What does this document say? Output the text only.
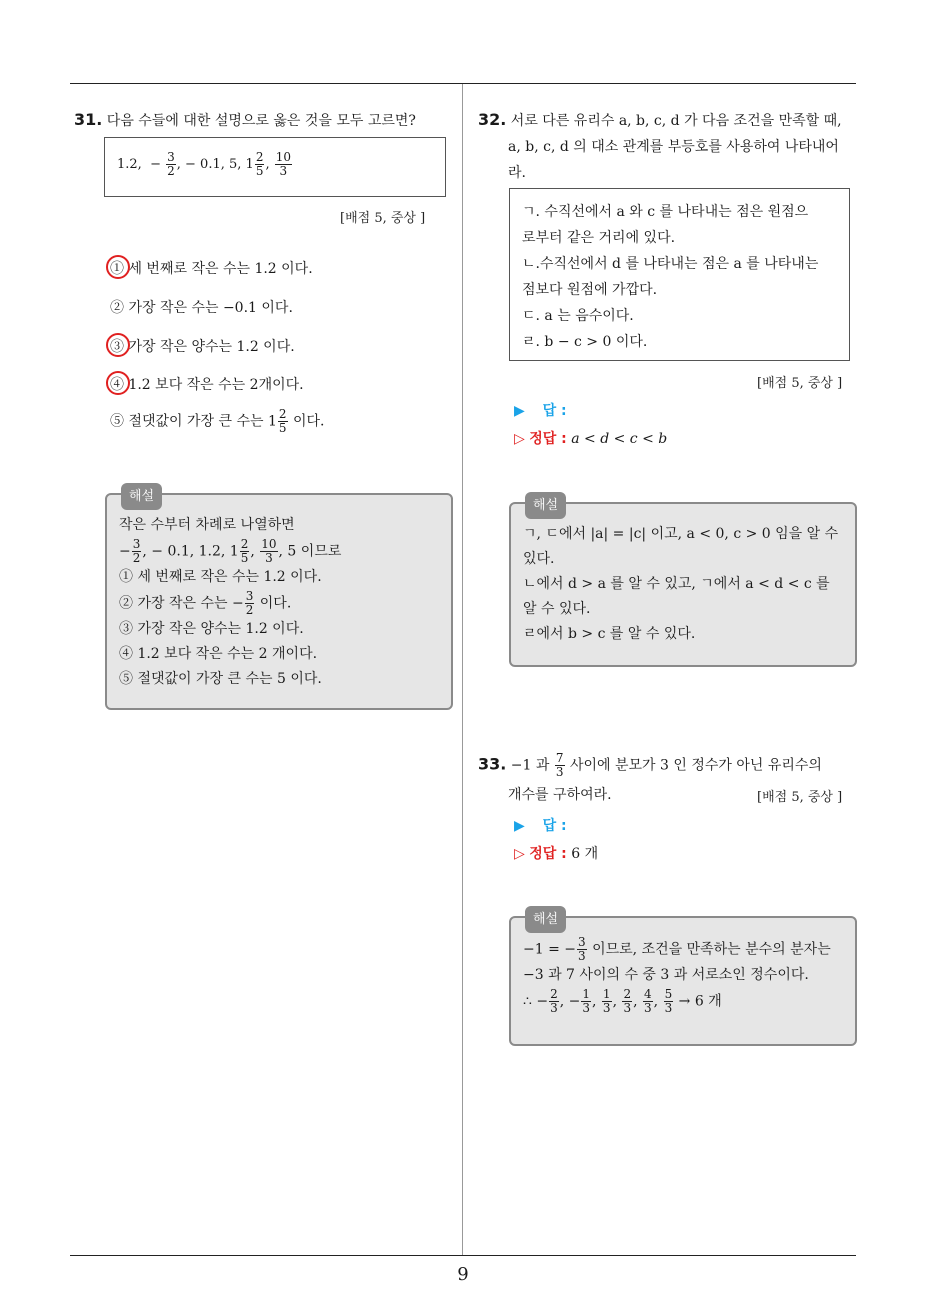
31. 다음 수들에 대한 설명으로 옳은 것을 모두 고르면?
1.2, − $\frac{3}{2}$ , − 0.1, 5, $1 \frac{2}{5}$ , $\frac{10}{3}$
[배점 5, 중상 ]
① 세 번째로 작은 수는 1.2 이다.
② 가장 작은 수는 −0.1 이다.
③ 가장 작은 양수는 1.2 이다.
④ 1.2 보다 작은 수는 2개이다.
⑤ 절댓값이 가장 큰 수는 $1 \frac{2}{5}$ 이다.
해설
작은 수부터 차례로 나열하면
− $\frac{3}{2}$ , − 0.1, 1.2, $1 \frac{2}{5}$ , $\frac{10}{3}$ , 5 이므로
① 세 번째로 작은 수는 1.2 이다.
② 가장 작은 수는 − $\frac{3}{2}$ 이다.
③ 가장 작은 양수는 1.2 이다.
④ 1.2 보다 작은 수는 2 개이다.
⑤ 절댓값이 가장 큰 수는 5 이다.
32. 서로 다른 유리수 a, b, c, d 가 다음 조건을 만족할 때,
a, b, c, d 의 대소 관계를 부등호를 사용하여 나타내어
라.
ㄱ. 수직선에서 a 와 c 를 나타내는 점은 원점으
로부터 같은 거리에 있다.
ㄴ.수직선에서 d 를 나타내는 점은 a 를 나타내는
점보다 원점에 가깝다.
ㄷ. a 는 음수이다.
ㄹ. b − c > 0 이다.
[배점 5, 중상 ]
▶ 답 :
▷ 정답 : a < d < c < b
해설
ㄱ, ㄷ에서 |a| = |c| 이고, a < 0, c > 0 임을 알 수
있다.
ㄴ에서 d > a 를 알 수 있고, ㄱ에서 a < d < c 를
알 수 있다.
ㄹ에서 b > c 를 알 수 있다.
33. −1 과 $\frac{7}{3}$ 사이에 분모가 3 인 정수가 아닌 유리수의
개수를 구하여라.	[배점 5, 중상 ]
▶ 답 :
▷ 정답 : 6 개
해설
−1 = − $\frac{3}{3}$ 이므로, 조건을 만족하는 분수의 분자는
−3 과 7 사이의 수 중 3 과 서로소인 정수이다.
∴ − $\frac{2}{3}$ , − $\frac{1}{3}$ , $\frac{1}{3}$ , $\frac{2}{3}$ , $\frac{4}{3}$ , $\frac{5}{3} \to 6$ 개
9
